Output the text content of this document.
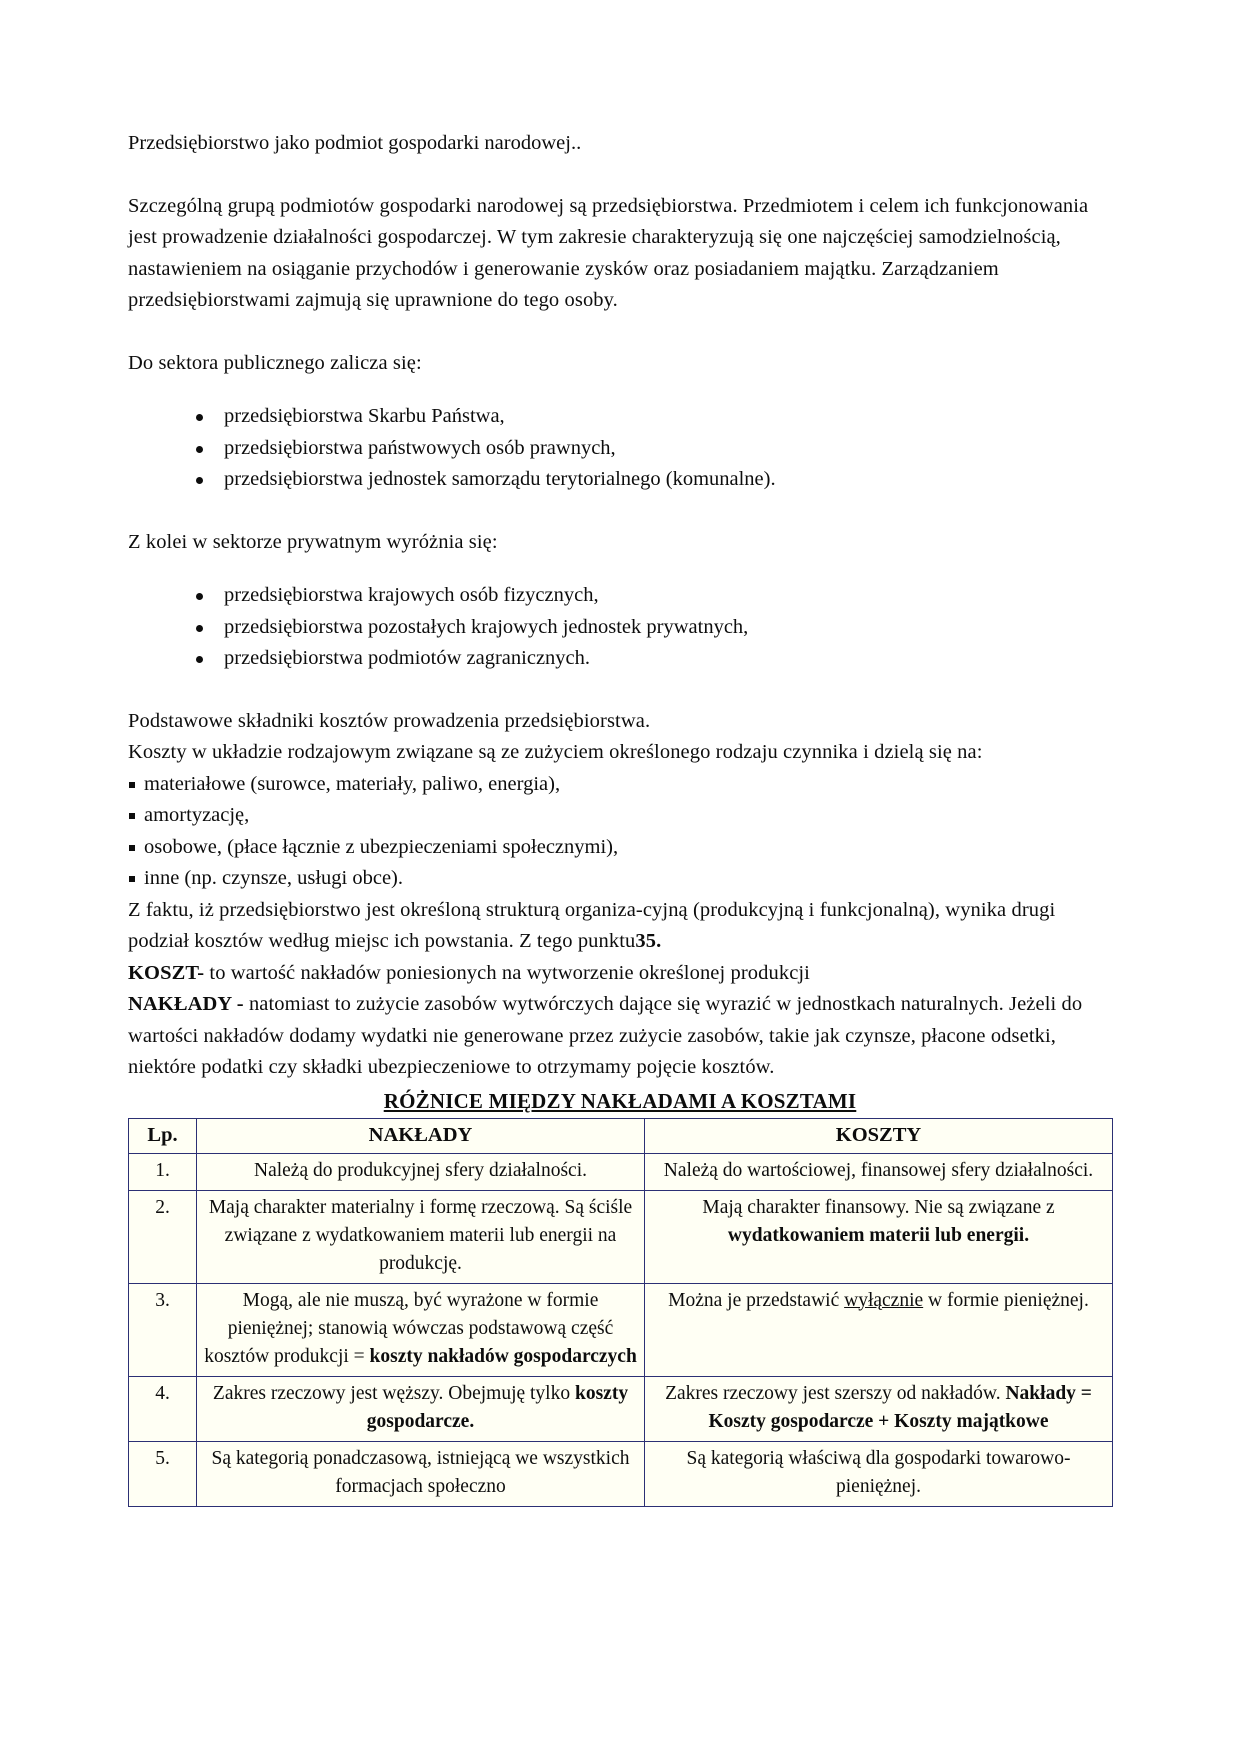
Przedsiębiorstwo jako podmiot gospodarki narodowej..

Szczególną grupą podmiotów gospodarki narodowej są przedsiębiorstwa. Przedmiotem i celem ich funkcjonowania jest prowadzenie działalności gospodarczej. W tym zakresie charakteryzują się one najczęściej samodzielnością, nastawieniem na osiąganie przychodów i generowanie zysków oraz posiadaniem majątku. Zarządzaniem przedsiębiorstwami zajmują się uprawnione do tego osoby.

Do sektora publicznego zalicza się:

przedsiębiorstwa Skarbu Państwa,
przedsiębiorstwa państwowych osób prawnych,
przedsiębiorstwa jednostek samorządu terytorialnego (komunalne).

Z kolei w sektorze prywatnym wyróżnia się:

przedsiębiorstwa krajowych osób fizycznych,
przedsiębiorstwa pozostałych krajowych jednostek prywatnych,
przedsiębiorstwa podmiotów zagranicznych.

Podstawowe składniki kosztów prowadzenia przedsiębiorstwa.

Koszty w układzie rodzajowym związane są ze zużyciem określonego rodzaju czynnika i dzielą się na:

materiałowe (surowce, materiały, paliwo, energia),
amortyzację,
osobowe, (płace łącznie z ubezpieczeniami społecznymi),
inne (np. czynsze, usługi obce).

Z faktu, iż przedsiębiorstwo jest określoną strukturą organiza-cyjną (produkcyjną i funkcjonalną), wynika drugi podział kosztów według miejsc ich powstania. Z tego punktu35.

KOSZT- to wartość nakładów poniesionych na wytworzenie określonej produkcji

NAKŁADY - natomiast to zużycie zasobów wytwórczych dające się wyrazić w jednostkach naturalnych. Jeżeli do wartości nakładów dodamy wydatki nie generowane przez zużycie zasobów, takie jak czynsze, płacone odsetki, niektóre podatki czy składki ubezpieczeniowe to otrzymamy pojęcie kosztów.

RÓŻNICE MIĘDZY NAKŁADAMI A KOSZTAMI
Lp.	NAKŁADY	KOSZTY
1.	Należą do produkcyjnej sfery działalności.	Należą do wartościowej, finansowej sfery działalności.
2.	Mają charakter materialny i formę rzeczową. Są ściśle związane z wydatkowaniem materii lub energii na produkcję.	Mają charakter finansowy. Nie są związane z wydatkowaniem materii lub energii.
3.	Mogą, ale nie muszą, być wyrażone w formie pieniężnej; stanowią wówczas podstawową część kosztów produkcji = koszty nakładów gospodarczych	Można je przedstawić wyłącznie w formie pieniężnej.
4.	Zakres rzeczowy jest węższy. Obejmuję tylko koszty gospodarcze.	Zakres rzeczowy jest szerszy od nakładów. Nakłady = Koszty gospodarcze + Koszty majątkowe
5.	Są kategorią ponadczasową, istniejącą we wszystkich formacjach społeczno	Są kategorią właściwą dla gospodarki towarowo-pieniężnej.
